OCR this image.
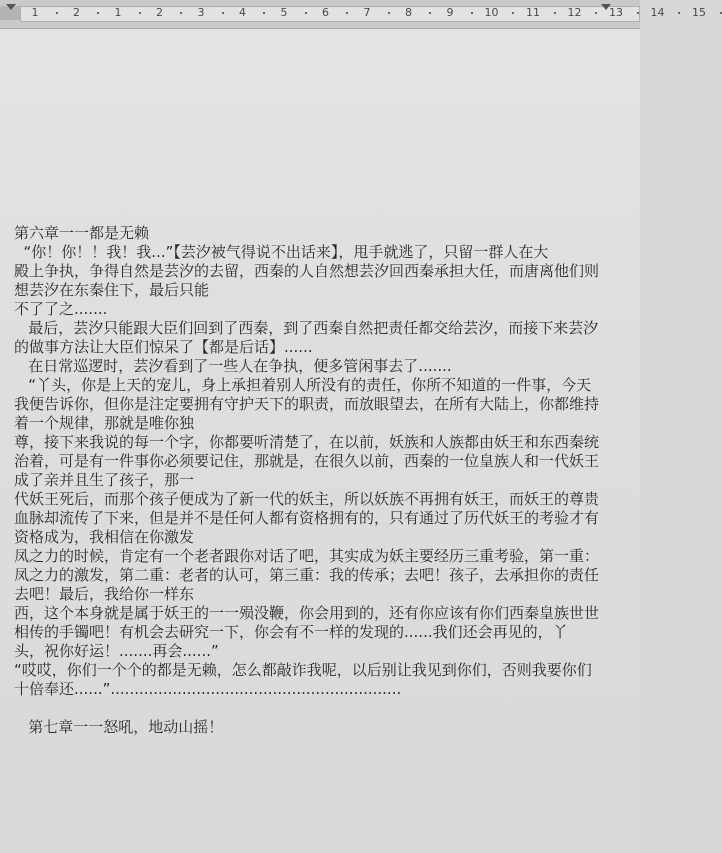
1	2	1	2	3	4	5	6	7	8	9	10	11	12	13	14	15
第六章一一都是无赖
“你！你！！我！我...”【芸汐被气得说不出话来】，甩手就逃了，只留一群人在大
殿上争执，争得自然是芸汐的去留，西秦的人自然想芸汐回西秦承担大任，而唐离他们则
想芸汐在东秦住下，最后只能
不了了之.......
最后，芸汐只能跟大臣们回到了西秦，到了西秦自然把责任都交给芸汐，而接下来芸汐
的做事方法让大臣们惊呆了【都是后话】......
在日常巡逻时，芸汐看到了一些人在争执，便多管闲事去了.......
“丫头，你是上天的宠儿，身上承担着别人所没有的责任，你所不知道的一件事，今天
我便告诉你，但你是注定要拥有守护天下的职责，而放眼望去，在所有大陆上，你都维持
着一个规律，那就是唯你独
尊，接下来我说的每一个字，你都要听清楚了，在以前，妖族和人族都由妖王和东西秦统
治着，可是有一件事你必须要记住，那就是，在很久以前，西秦的一位皇族人和一代妖王
成了亲并且生了孩子，那一
代妖王死后，而那个孩子便成为了新一代的妖主，所以妖族不再拥有妖王，而妖王的尊贵
血脉却流传了下来，但是并不是任何人都有资格拥有的，只有通过了历代妖王的考验才有
资格成为，我相信在你激发
凤之力的时候，肯定有一个老者跟你对话了吧，其实成为妖主要经历三重考验，第一重：
凤之力的激发，第二重：老者的认可，第三重：我的传承；去吧！孩子，去承担你的责任
去吧！最后，我给你一样东
西，这个本身就是属于妖王的一一殒没鞭，你会用到的，还有你应该有你们西秦皇族世世
相传的手镯吧！有机会去研究一下，你会有不一样的发现的......我们还会再见的，丫
头，祝你好运！.......再会......”
“哎哎，你们一个个的都是无赖，怎么都敲诈我呢，以后别让我见到你们，否则我要你们
十倍奉还......”.............................................................
第七章一一怒吼，地动山摇！
